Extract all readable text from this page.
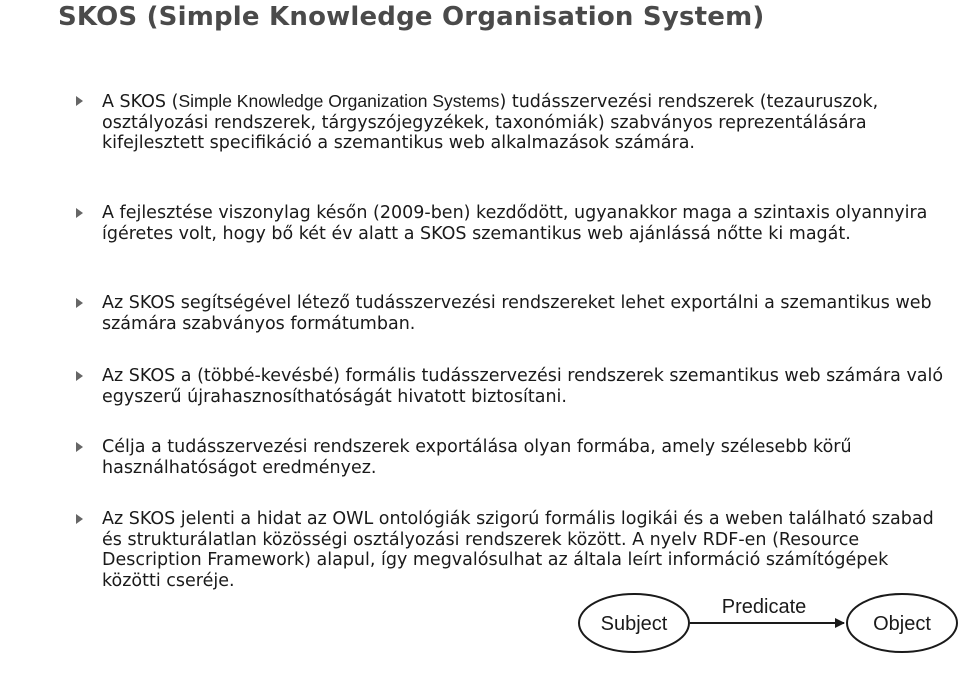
SKOS (Simple Knowledge Organisation System)
A SKOS (Simple Knowledge Organization Systems) tudásszervezési rendszerek (tezauruszok, osztályozási rendszerek, tárgyszójegyzékek, taxonómiák) szabványos reprezentálására kifejlesztett specifikáció a szemantikus web alkalmazások számára.
A fejlesztése viszonylag későn (2009-ben) kezdődött, ugyanakkor maga a szintaxis olyannyira ígéretes volt, hogy bő két év alatt a SKOS szemantikus web ajánlássá nőtte ki magát.
Az SKOS segítségével létező tudásszervezési rendszereket lehet exportálni a szemantikus web számára szabványos formátumban.
Az SKOS a (többé-kevésbé) formális tudásszervezési rendszerek szemantikus web számára való egyszerű újrahasznosíthatóságát hivatott biztosítani.
Célja a tudásszervezési rendszerek exportálása olyan formába, amely szélesebb körű használhatóságot eredményez.
Az SKOS jelenti a hidat az OWL ontológiák szigorú formális logikái és a weben található szabad és strukturálatlan közösségi osztályozási rendszerek között. A nyelv RDF-en (Resource Description Framework) alapul, így megvalósulhat az általa leírt információ számítógépek közötti cseréje.
Subject
Predicate
Object
